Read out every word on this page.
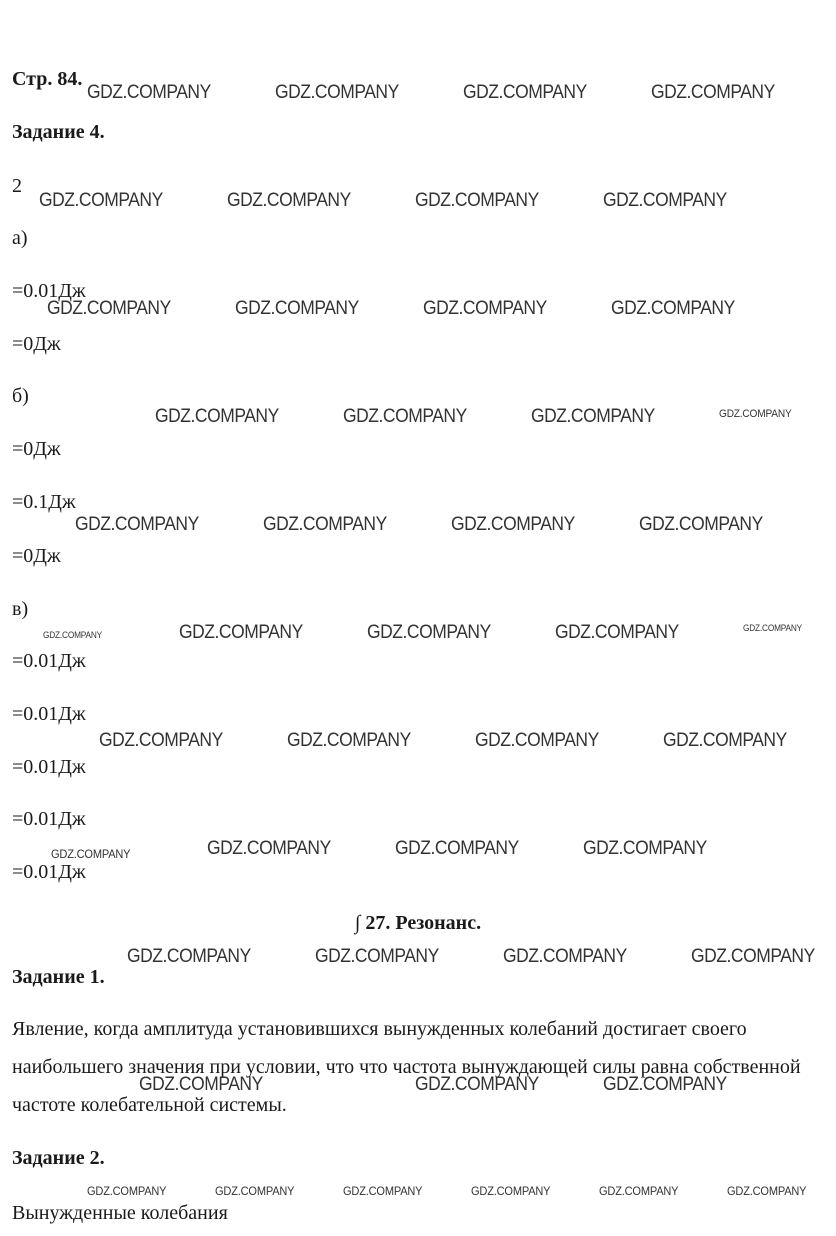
Стр. 84.
Задание 4.
2
а)
=0.01Дж
=0Дж
б)
=0Дж
=0.1Дж
=0Дж
в)
=0.01Дж
=0.01Дж
=0.01Дж
=0.01Дж
=0.01Дж
∫ 27. Резонанс.
Задание 1.
Явление, когда амплитуда установившихся вынужденных колебаний достигает своего наибольшего значения при условии, что что частота вынуждающей силы равна собственной частоте колебательной системы.
Задание 2.
Вынужденные колебания
GDZ.COMPANY	GDZ.COMPANY	GDZ.COMPANY	GDZ.COMPANY
GDZ.COMPANY	GDZ.COMPANY	GDZ.COMPANY	GDZ.COMPANY
GDZ.COMPANY	GDZ.COMPANY	GDZ.COMPANY	GDZ.COMPANY
GDZ.COMPANY	GDZ.COMPANY	GDZ.COMPANY	GDZ.COMPANY
GDZ.COMPANY	GDZ.COMPANY	GDZ.COMPANY	GDZ.COMPANY
GDZ.COMPANY	GDZ.COMPANY	GDZ.COMPANY	GDZ.COMPANY	GDZ.COMPANY
GDZ.COMPANY	GDZ.COMPANY	GDZ.COMPANY	GDZ.COMPANY
GDZ.COMPANY	GDZ.COMPANY	GDZ.COMPANY	GDZ.COMPANY
GDZ.COMPANY	GDZ.COMPANY	GDZ.COMPANY	GDZ.COMPANY
GDZ.COMPANY	GDZ.COMPANY	GDZ.COMPANY
GDZ.COMPANY	GDZ.COMPANY	GDZ.COMPANY	GDZ.COMPANY	GDZ.COMPANY	GDZ.COMPANY
